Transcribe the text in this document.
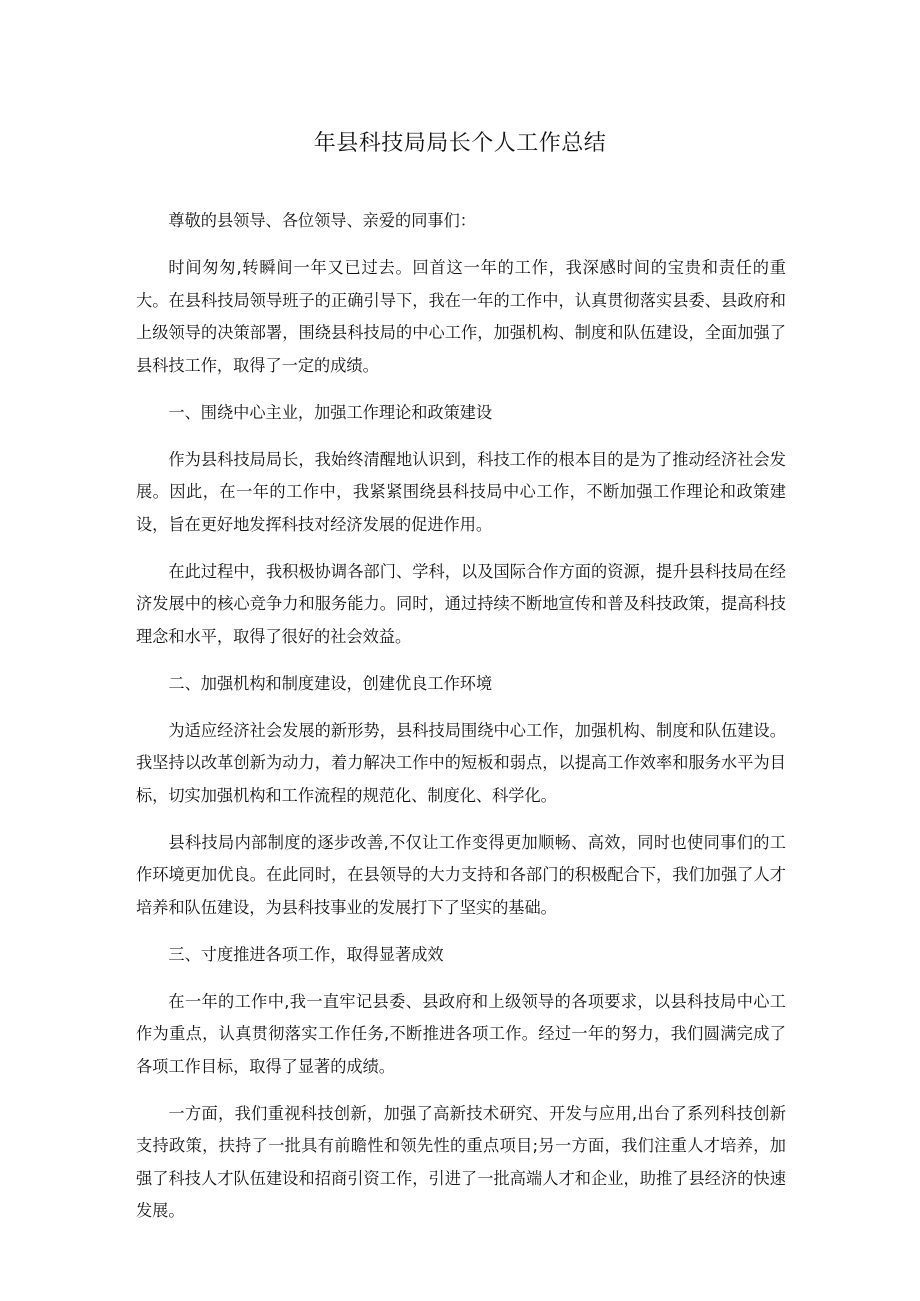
年县科技局局长个人工作总结

尊敬的县领导、各位领导、亲爱的同事们：

时间匆匆,转瞬间一年又已过去。回首这一年的工作，我深感时间的宝贵和责任的重大。在县科技局领导班子的正确引导下，我在一年的工作中，认真贯彻落实县委、县政府和上级领导的决策部署，围绕县科技局的中心工作，加强机构、制度和队伍建设，全面加强了县科技工作，取得了一定的成绩。

一、围绕中心主业，加强工作理论和政策建设

作为县科技局局长，我始终清醒地认识到，科技工作的根本目的是为了推动经济社会发展。因此，在一年的工作中，我紧紧围绕县科技局中心工作，不断加强工作理论和政策建设，旨在更好地发挥科技对经济发展的促进作用。

在此过程中，我积极协调各部门、学科，以及国际合作方面的资源，提升县科技局在经济发展中的核心竞争力和服务能力。同时，通过持续不断地宣传和普及科技政策，提高科技理念和水平，取得了很好的社会效益。

二、加强机构和制度建设，创建优良工作环境

为适应经济社会发展的新形势，县科技局围绕中心工作，加强机构、制度和队伍建设。我坚持以改革创新为动力，着力解决工作中的短板和弱点，以提高工作效率和服务水平为目标，切实加强机构和工作流程的规范化、制度化、科学化。

县科技局内部制度的逐步改善,不仅让工作变得更加顺畅、高效，同时也使同事们的工作环境更加优良。在此同时，在县领导的大力支持和各部门的积极配合下，我们加强了人才培养和队伍建设，为县科技事业的发展打下了坚实的基础。

三、寸度推进各项工作，取得显著成效

在一年的工作中,我一直牢记县委、县政府和上级领导的各项要求，以县科技局中心工作为重点，认真贯彻落实工作任务,不断推进各项工作。经过一年的努力，我们圆满完成了各项工作目标，取得了显著的成绩。

一方面，我们重视科技创新，加强了高新技术研究、开发与应用,出台了系列科技创新支持政策，扶持了一批具有前瞻性和领先性的重点项目;另一方面，我们注重人才培养，加强了科技人才队伍建设和招商引资工作，引进了一批高端人才和企业，助推了县经济的快速发展。
